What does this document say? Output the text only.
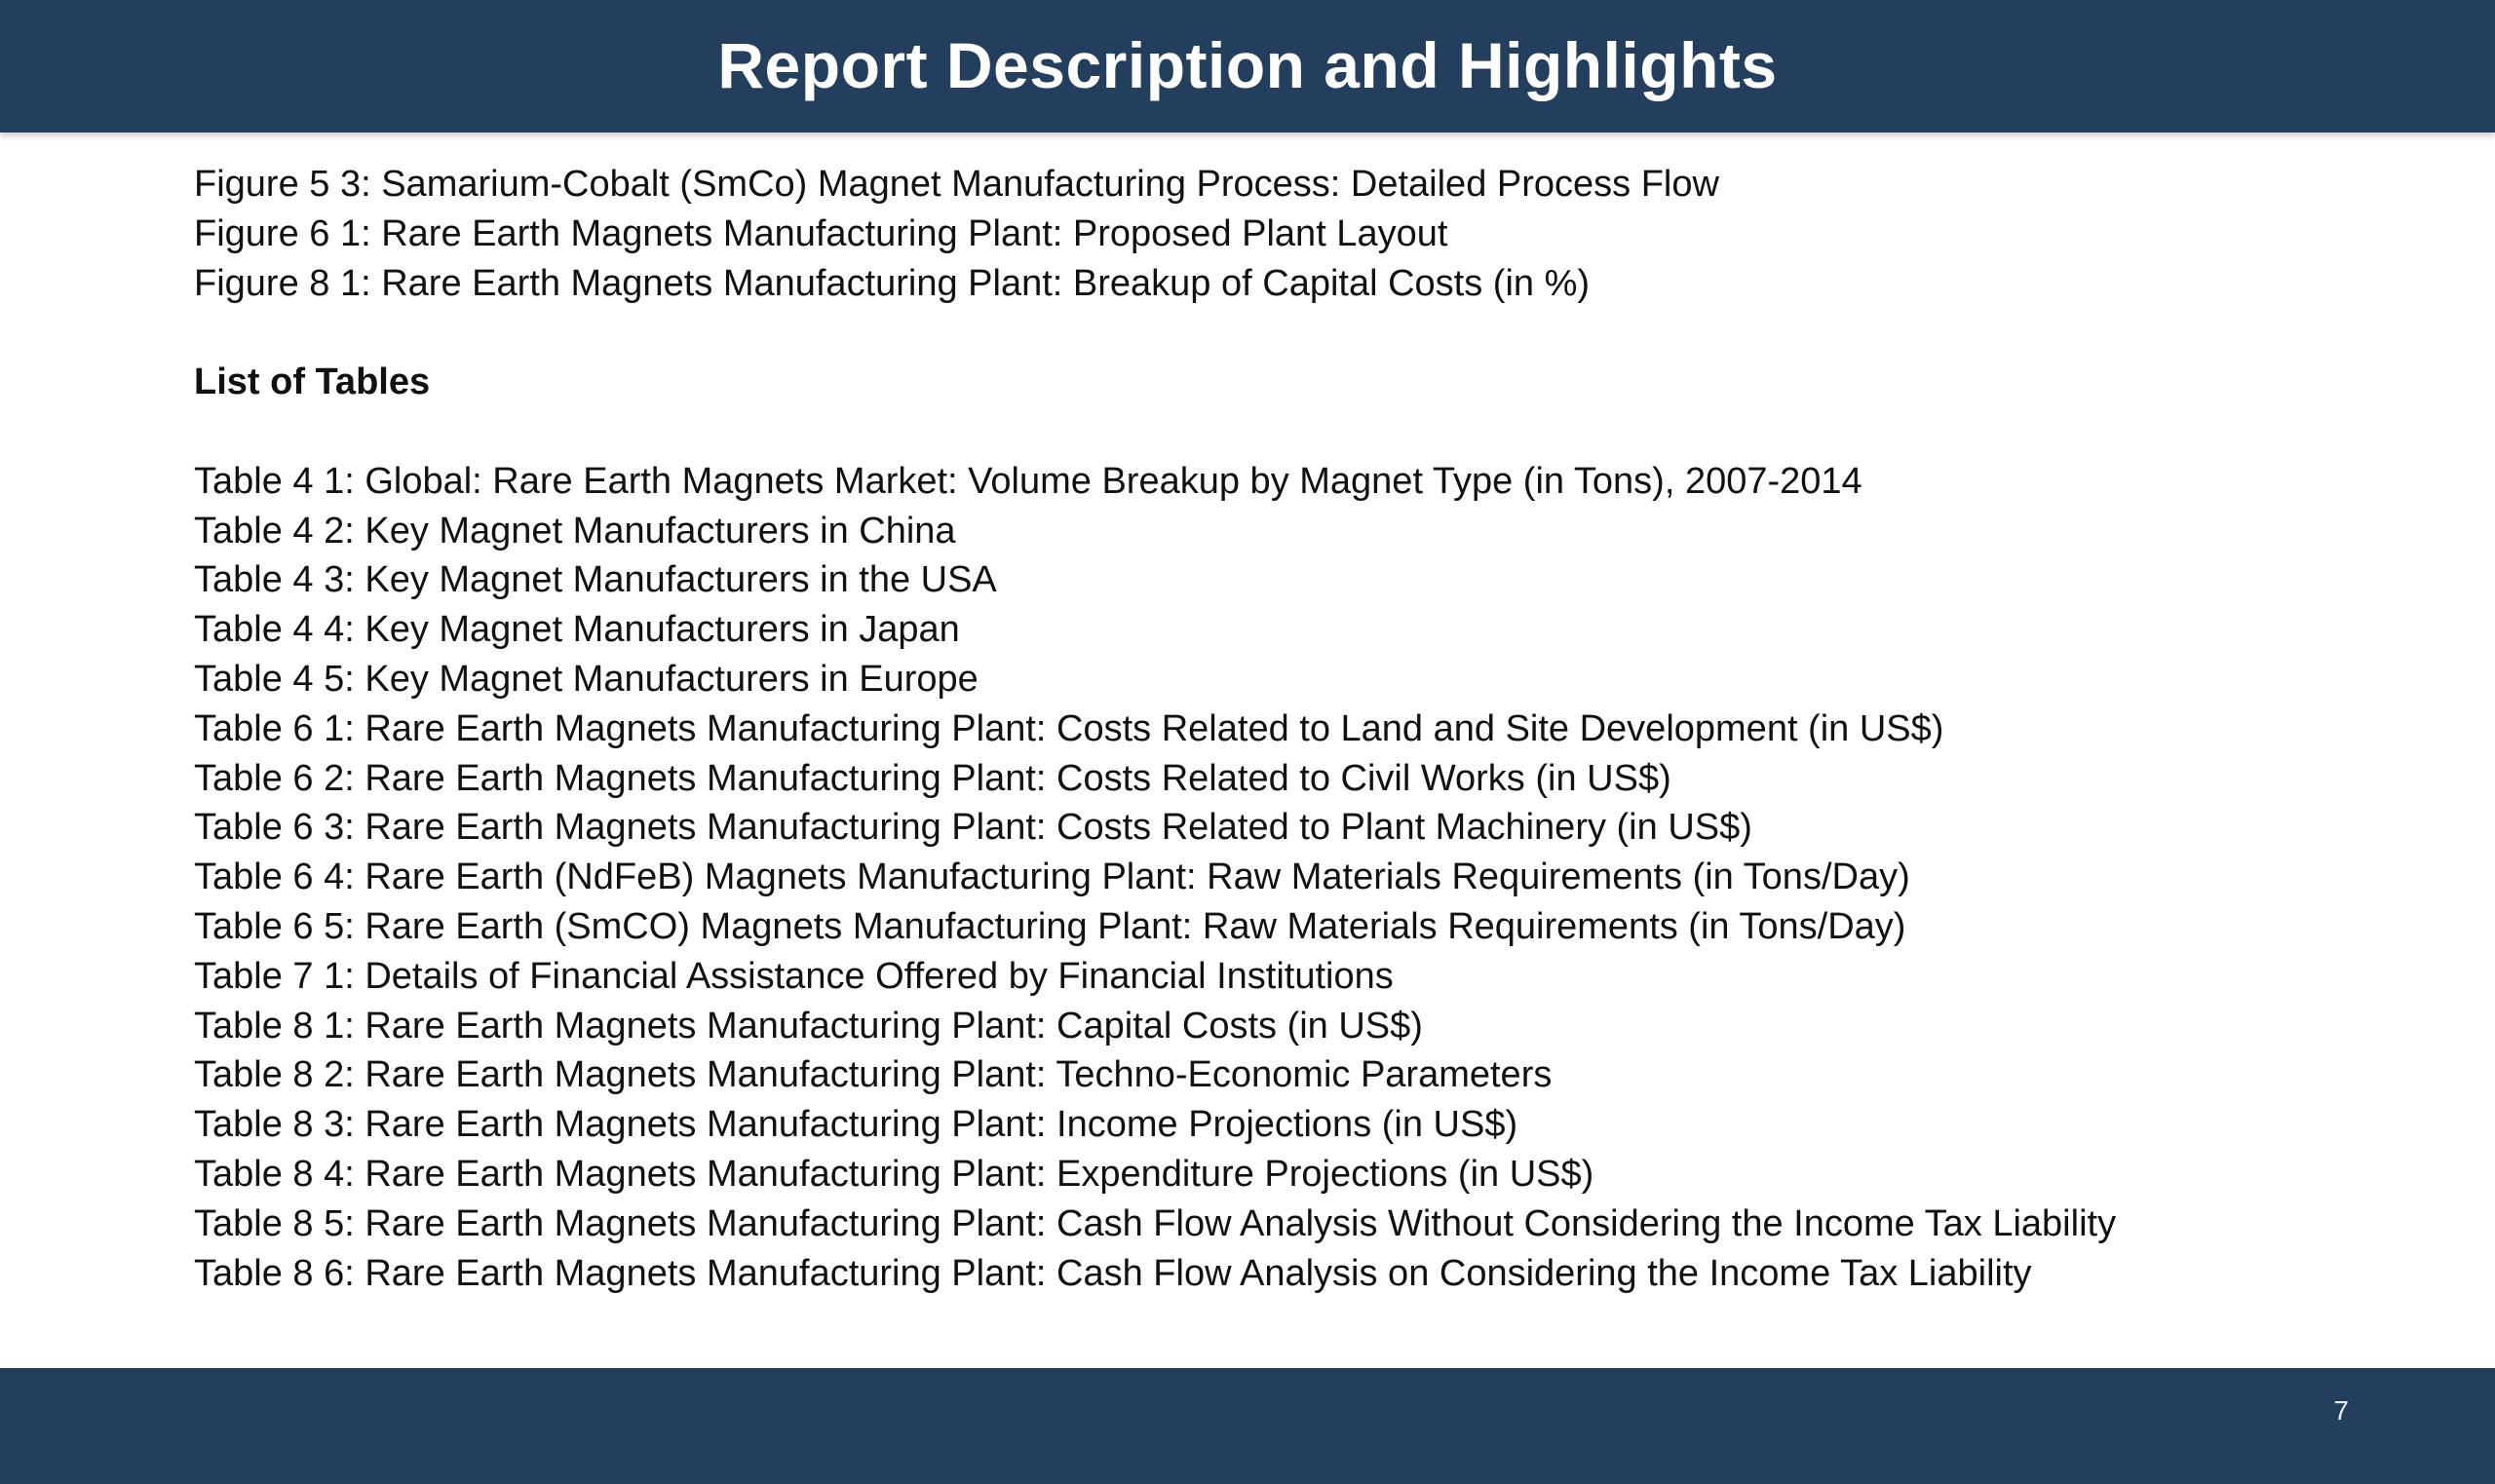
Report Description and Highlights
Figure 5 3: Samarium-Cobalt (SmCo) Magnet Manufacturing Process: Detailed Process Flow
Figure 6 1: Rare Earth Magnets Manufacturing Plant: Proposed Plant Layout
Figure 8 1: Rare Earth Magnets Manufacturing Plant: Breakup of Capital Costs (in %)
List of Tables
Table 4 1: Global: Rare Earth Magnets Market: Volume Breakup by Magnet Type (in Tons), 2007-2014
Table 4 2: Key Magnet Manufacturers in China
Table 4 3: Key Magnet Manufacturers in the USA
Table 4 4: Key Magnet Manufacturers in Japan
Table 4 5: Key Magnet Manufacturers in Europe
Table 6 1: Rare Earth Magnets Manufacturing Plant: Costs Related to Land and Site Development (in US$)
Table 6 2: Rare Earth Magnets Manufacturing Plant: Costs Related to Civil Works (in US$)
Table 6 3: Rare Earth Magnets Manufacturing Plant: Costs Related to Plant Machinery (in US$)
Table 6 4: Rare Earth (NdFeB) Magnets Manufacturing Plant: Raw Materials Requirements (in Tons/Day)
Table 6 5: Rare Earth (SmCO) Magnets Manufacturing Plant: Raw Materials Requirements (in Tons/Day)
Table 7 1: Details of Financial Assistance Offered by Financial Institutions
Table 8 1: Rare Earth Magnets Manufacturing Plant: Capital Costs (in US$)
Table 8 2: Rare Earth Magnets Manufacturing Plant: Techno-Economic Parameters
Table 8 3: Rare Earth Magnets Manufacturing Plant: Income Projections (in US$)
Table 8 4: Rare Earth Magnets Manufacturing Plant: Expenditure Projections (in US$)
Table 8 5: Rare Earth Magnets Manufacturing Plant: Cash Flow Analysis Without Considering the Income Tax Liability
Table 8 6: Rare Earth Magnets Manufacturing Plant: Cash Flow Analysis on Considering the Income Tax Liability
7
